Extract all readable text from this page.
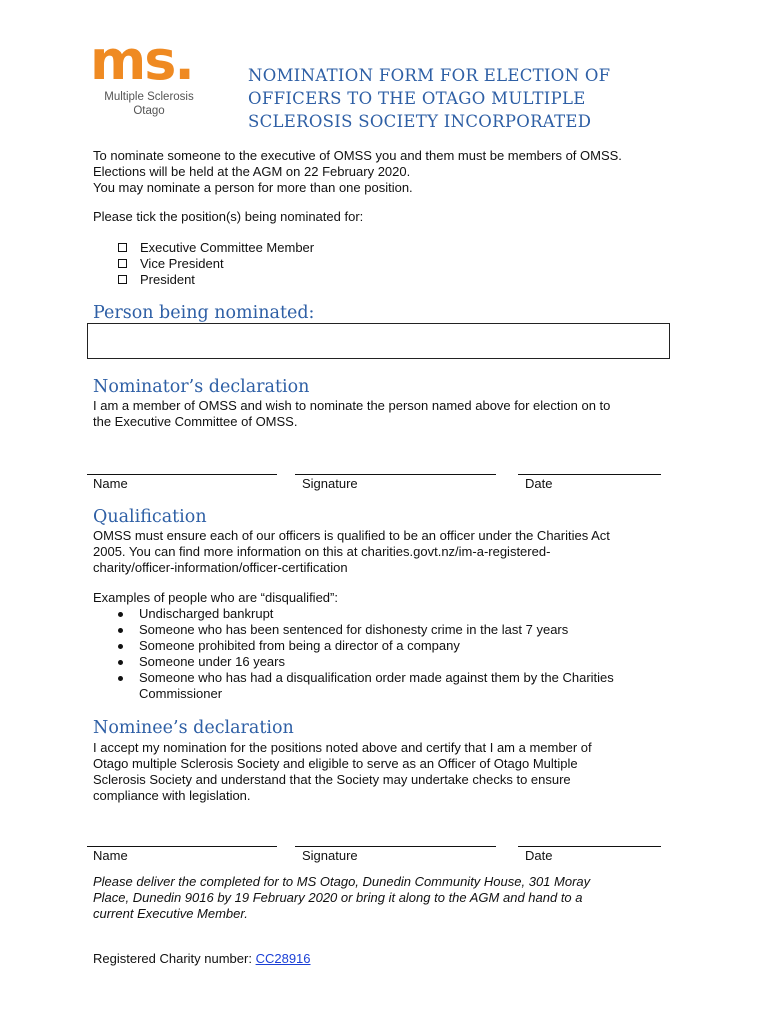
ms.
Multiple Sclerosis
Otago
NOMINATION FORM FOR ELECTION OF
OFFICERS TO THE OTAGO MULTIPLE
SCLEROSIS SOCIETY INCORPORATED
To nominate someone to the executive of OMSS you and them must be members of OMSS.
Elections will be held at the AGM on 22 February 2020.
You may nominate a person for more than one position.
Please tick the position(s) being nominated for:
Executive Committee Member
Vice President
President
Person being nominated:
Nominator’s declaration
I am a member of OMSS and wish to nominate the person named above for election on to
the Executive Committee of OMSS.
Name	Signature	Date
Qualification
OMSS must ensure each of our officers is qualified to be an officer under the Charities Act
2005. You can find more information on this at charities.govt.nz/im-a-registered-
charity/officer-information/officer-certification
Examples of people who are “disqualified”:
Undischarged bankrupt
Someone who has been sentenced for dishonesty crime in the last 7 years
Someone prohibited from being a director of a company
Someone under 16 years
Someone who has had a disqualification order made against them by the Charities Commissioner
Nominee’s declaration
I accept my nomination for the positions noted above and certify that I am a member of
Otago multiple Sclerosis Society and eligible to serve as an Officer of Otago Multiple
Sclerosis Society and understand that the Society may undertake checks to ensure
compliance with legislation.
Name	Signature	Date
Please deliver the completed for to MS Otago, Dunedin Community House, 301 Moray
Place, Dunedin 9016 by 19 February 2020 or bring it along to the AGM and hand to a
current Executive Member.
Registered Charity number: CC28916
